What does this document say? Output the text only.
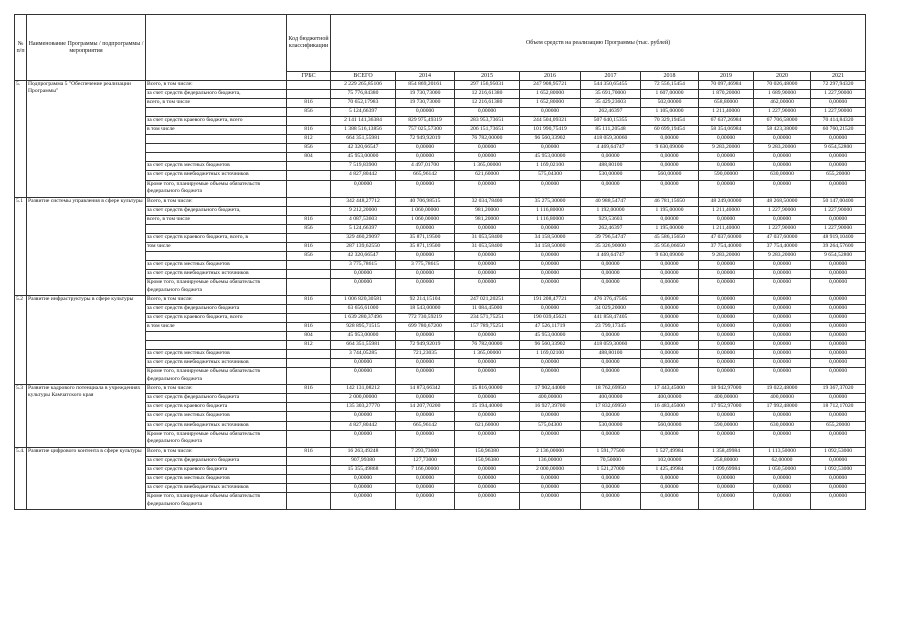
№ п/п	Наименование Программы / подпрограммы / мероприятия		Код бюджетной классификации	Объем средств на реализацию Программы (тыс. рублей)								
			ГРБС	ВСЕГО	2014	2015	2016	2017	2018	2019	2020	2021
5.	Подпрограмма 5 "Обеспечение реализации Программы"	Всего, в том числе:		2 229 265,85106	854 869,20161	297 156,95031	247 908,95721	544 350,65455	72 556,15454	70 097,46984	70 026,48000	72 297,94320
		за счет средств федерального бюджета,		75 776,84380	19 730,73000	12 216,61380	1 652,80000	35 691,70000	1 607,00000	1 870,20000	1 689,90000	1 227,90000
		всего, в том числе	816	70 652,17983	19 730,73000	12 216,61380	1 652,80000	35 429,23603	502,00000	658,80000	462,00000	0,00000
			856	5 124,66397	0,00000	0,00000	0,00000	262,46397	1 105,00000	1 211,40000	1 227,90000	1 227,90000
		за счет средств краевого бюджета, всего		2 141 141,36384	829 975,49319	283 953,73651	244 504,09321	507 640,15355	70 329,19454	67 637,26984	67 706,58000	70 414,84320
		в том числе	816	1 388 516,13856	757 025,57300	206 151,73651	101 990,75419	85 111,20548	60 699,19454	58 354,06984	58 423,38000	60 760,21520
			812	664 351,55981	72 949,92019	76 782,00000	96 560,33902	418 059,30060	0,00000	0,00000	0,00000	0,00000
			856	42 320,66547	0,00000	0,00000	0,00000	4 469,64747	9 630,09000	9 283,20000	9 283,20000	9 654,52800
			804	45 953,00000	0,00000	0,00000	45 953,00000	0,00000	0,00000	0,00000	0,00000	0,00000
		за счет средств местных бюджетов		7 519,83900	4 497,01700	1 365,00000	1 169,02100	488,80100	0,00000	0,00000	0,00000	0,00000
		за счет средств внебюджетных источников		4 827,80442	665,96142	621,60000	575,04300	530,00000	560,00000	590,00000	630,00000	655,20000
		Кроме того, планируемые объемы обязательств федерального бюджета		0,00000	0,00000	0,00000	0,00000	0,00000	0,00000	0,00000	0,00000	0,00000
5.1	Развитие системы управления в сфере культуры	Всего, в том числе:		342 448,27712	40 706,98515	32 034,78400	35 275,30000	40 988,54747	46 781,15650	48 249,00000	48 268,50000	50 147,00400
		за счет средств федерального бюджета,		9 212,20000	1 060,00000	981,20000	1 116,80000	1 192,00000	1 195,00000	1 211,40000	1 227,90000	1 227,90000
		всего, в том числе	816	4 087,53603	1 060,00000	981,20000	1 116,80000	929,53603	0,00000	0,00000	0,00000	0,00000
			856	5 124,66397	0,00000	0,00000	0,00000	262,46397	1 195,00000	1 211,40000	1 227,90000	1 227,90000
		за счет средств краевого бюджета, всего, в		329 460,29097	35 871,19500	31 053,58400	34 158,50000	39 796,54747	45 586,15650	47 037,60000	47 037,60000	48 919,10400
		том числе	816	287 139,62550	35 871,19500	31 053,58400	34 158,50000	35 326,90000	35 956,06650	37 754,40000	37 754,40000	39 264,57600
			856	42 320,66547	0,00000	0,00000	0,00000	4 469,64747	9 630,09000	9 283,20000	9 283,20000	9 654,52800
		за счет средств местных бюджетов		3 775,78615	3 775,78615	0,00000	0,00000	0,00000	0,00000	0,00000	0,00000	0,00000
		за счет средств внебюджетных источников		0,00000	0,00000	0,00000	0,00000	0,00000	0,00000	0,00000	0,00000	0,00000
		Кроме того, планируемые объемы обязательств федерального бюджета		0,00000	0,00000	0,00000	0,00000	0,00000	0,00000	0,00000	0,00000	0,00000
5.2	Развитие инфраструктуры в сфере культуры	Всего, в том числе:	816	1 006 820,30581	92 214,15104	247 021,20251	191 208,47721	476 376,47505	0,00000	0,00000	0,00000	0,00000
		за счет средств федерального бюджета		63 656,61000	18 543,00000	11 084,45000	0,00000	34 029,20000	0,00000	0,00000	0,00000	0,00000
		за счет средств краевого бюджета, всего		1 639 280,37496	772 730,59219	234 571,75251	190 039,45621	441 858,47405	0,00000	0,00000	0,00000	0,00000
		в том числе	816	928 895,71515	699 780,67200	157 789,75251	47 526,11719	23 799,17345	0,00000	0,00000	0,00000	0,00000
			804	45 953,00000	0,00000	0,00000	45 953,00000	0,00000	0,00000	0,00000	0,00000	0,00000
			812	664 351,55981	72 949,92019	76 782,00000	96 560,33902	418 059,30060	0,00000	0,00000	0,00000	0,00000
		за счет средств местных бюджетов		3 744,05285	721,23035	1 365,00000	1 169,02100	488,80100	0,00000	0,00000	0,00000	0,00000
		за счет средств внебюджетных источников		0,00000	0,00000	0,00000	0,00000	0,00000	0,00000	0,00000	0,00000	0,00000
		Кроме того, планируемые объемы обязательств федерального бюджета		0,00000	0,00000	0,00000	0,00000	0,00000	0,00000	0,00000	0,00000	0,00000
5.3	Развитие кадрового потенциала в учреждениях культуры Камчатского края	Всего, в том числе:	816	142 131,08212	14 873,66342	15 816,00000	17 902,44000	18 762,69950	17 443,45000	18 942,97000	19 022,48000	19 367,37020
		за счет средств федерального бюджета		2 000,00000	0,00000	0,00000	400,00000	400,00000	400,00000	400,00000	400,00000	0,00000
		за счет средств краевого бюджета		135 303,27770	14 207,70200	15 194,40000	16 927,39700	17 832,69950	16 483,45000	17 952,97000	17 992,48000	18 712,17020
		за счет средств местных бюджетов		0,00000	0,00000	0,00000	0,00000	0,00000	0,00000	0,00000	0,00000	0,00000
		за счет средств внебюджетных источников		4 827,80442	665,96142	621,60000	575,04300	530,00000	560,00000	590,00000	630,00000	655,20000
		Кроме того, планируемые объемы обязательств федерального бюджета		0,00000	0,00000	0,00000	0,00000	0,00000	0,00000	0,00000	0,00000	0,00000
5.4.	Развитие цифрового контента в сфере культуры	Всего, в том числе:	816	16 263,49248	7 293,73000	150,96380	2 136,00000	1 591,77500	1 527,49984	1 358,49984	1 113,50000	1 092,53000
		за счет средств федерального бюджета		907,99380	127,73000	150,96380	136,00000	70,50000	102,00000	258,80000	62,00000	0,00000
		за счет средств краевого бюджета		15 355,49868	7 166,00000	0,00000	2 000,00000	1 521,27000	1 425,49984	1 099,69984	1 050,50000	1 092,53000
		за счет средств местных бюджетов		0,00000	0,00000	0,00000	0,00000	0,00000	0,00000	0,00000	0,00000	0,00000
		за счет средств внебюджетных источников		0,00000	0,00000	0,00000	0,00000	0,00000	0,00000	0,00000	0,00000	0,00000
		Кроме того, планируемые объемы обязательств федерального бюджета		0,00000	0,00000	0,00000	0,00000	0,00000	0,00000	0,00000	0,00000	0,00000
